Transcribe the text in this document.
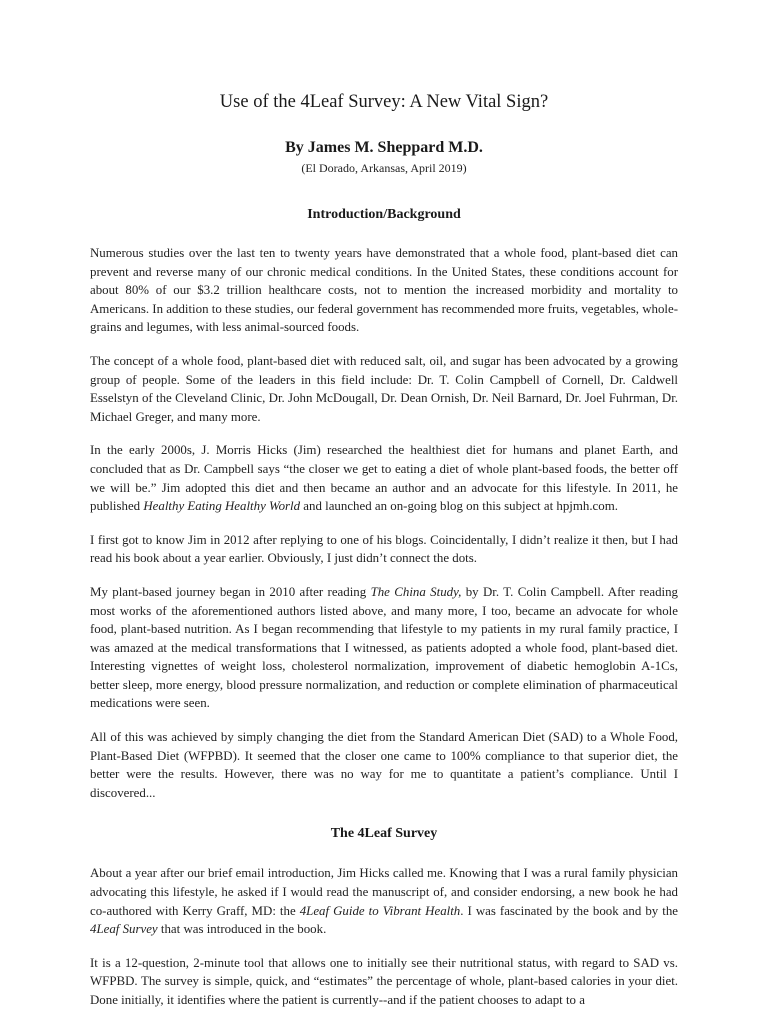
Use of the 4Leaf Survey: A New Vital Sign?
By James M. Sheppard M.D.
(El Dorado, Arkansas, April 2019)
Introduction/Background

Numerous studies over the last ten to twenty years have demonstrated that a whole food, plant-based diet can prevent and reverse many of our chronic medical conditions. In the United States, these conditions account for about 80% of our $3.2 trillion healthcare costs, not to mention the increased morbidity and mortality to Americans. In addition to these studies, our federal government has recommended more fruits, vegetables, whole-grains and legumes, with less animal-sourced foods.

The concept of a whole food, plant-based diet with reduced salt, oil, and sugar has been advocated by a growing group of people. Some of the leaders in this field include: Dr. T. Colin Campbell of Cornell, Dr. Caldwell Esselstyn of the Cleveland Clinic, Dr. John McDougall, Dr. Dean Ornish, Dr. Neil Barnard, Dr. Joel Fuhrman, Dr. Michael Greger, and many more.

In the early 2000s, J. Morris Hicks (Jim) researched the healthiest diet for humans and planet Earth, and concluded that as Dr. Campbell says “the closer we get to eating a diet of whole plant-based foods, the better off we will be.” Jim adopted this diet and then became an author and an advocate for this lifestyle. In 2011, he published Healthy Eating Healthy World and launched an on-going blog on this subject at hpjmh.com.

I first got to know Jim in 2012 after replying to one of his blogs. Coincidentally, I didn’t realize it then, but I had read his book about a year earlier. Obviously, I just didn’t connect the dots.

My plant-based journey began in 2010 after reading The China Study, by Dr. T. Colin Campbell. After reading most works of the aforementioned authors listed above, and many more, I too, became an advocate for whole food, plant-based nutrition. As I began recommending that lifestyle to my patients in my rural family practice, I was amazed at the medical transformations that I witnessed, as patients adopted a whole food, plant-based diet. Interesting vignettes of weight loss, cholesterol normalization, improvement of diabetic hemoglobin A-1Cs, better sleep, more energy, blood pressure normalization, and reduction or complete elimination of pharmaceutical medications were seen.

All of this was achieved by simply changing the diet from the Standard American Diet (SAD) to a Whole Food, Plant-Based Diet (WFPBD). It seemed that the closer one came to 100% compliance to that superior diet, the better were the results. However, there was no way for me to quantitate a patient’s compliance. Until I discovered...

The 4Leaf Survey

About a year after our brief email introduction, Jim Hicks called me. Knowing that I was a rural family physician advocating this lifestyle, he asked if I would read the manuscript of, and consider endorsing, a new book he had co-authored with Kerry Graff, MD: the 4Leaf Guide to Vibrant Health. I was fascinated by the book and by the 4Leaf Survey that was introduced in the book.

It is a 12-question, 2-minute tool that allows one to initially see their nutritional status, with regard to SAD vs. WFPBD. The survey is simple, quick, and “estimates” the percentage of whole, plant-based calories in your diet. Done initially, it identifies where the patient is currently--and if the patient chooses to adapt to a
